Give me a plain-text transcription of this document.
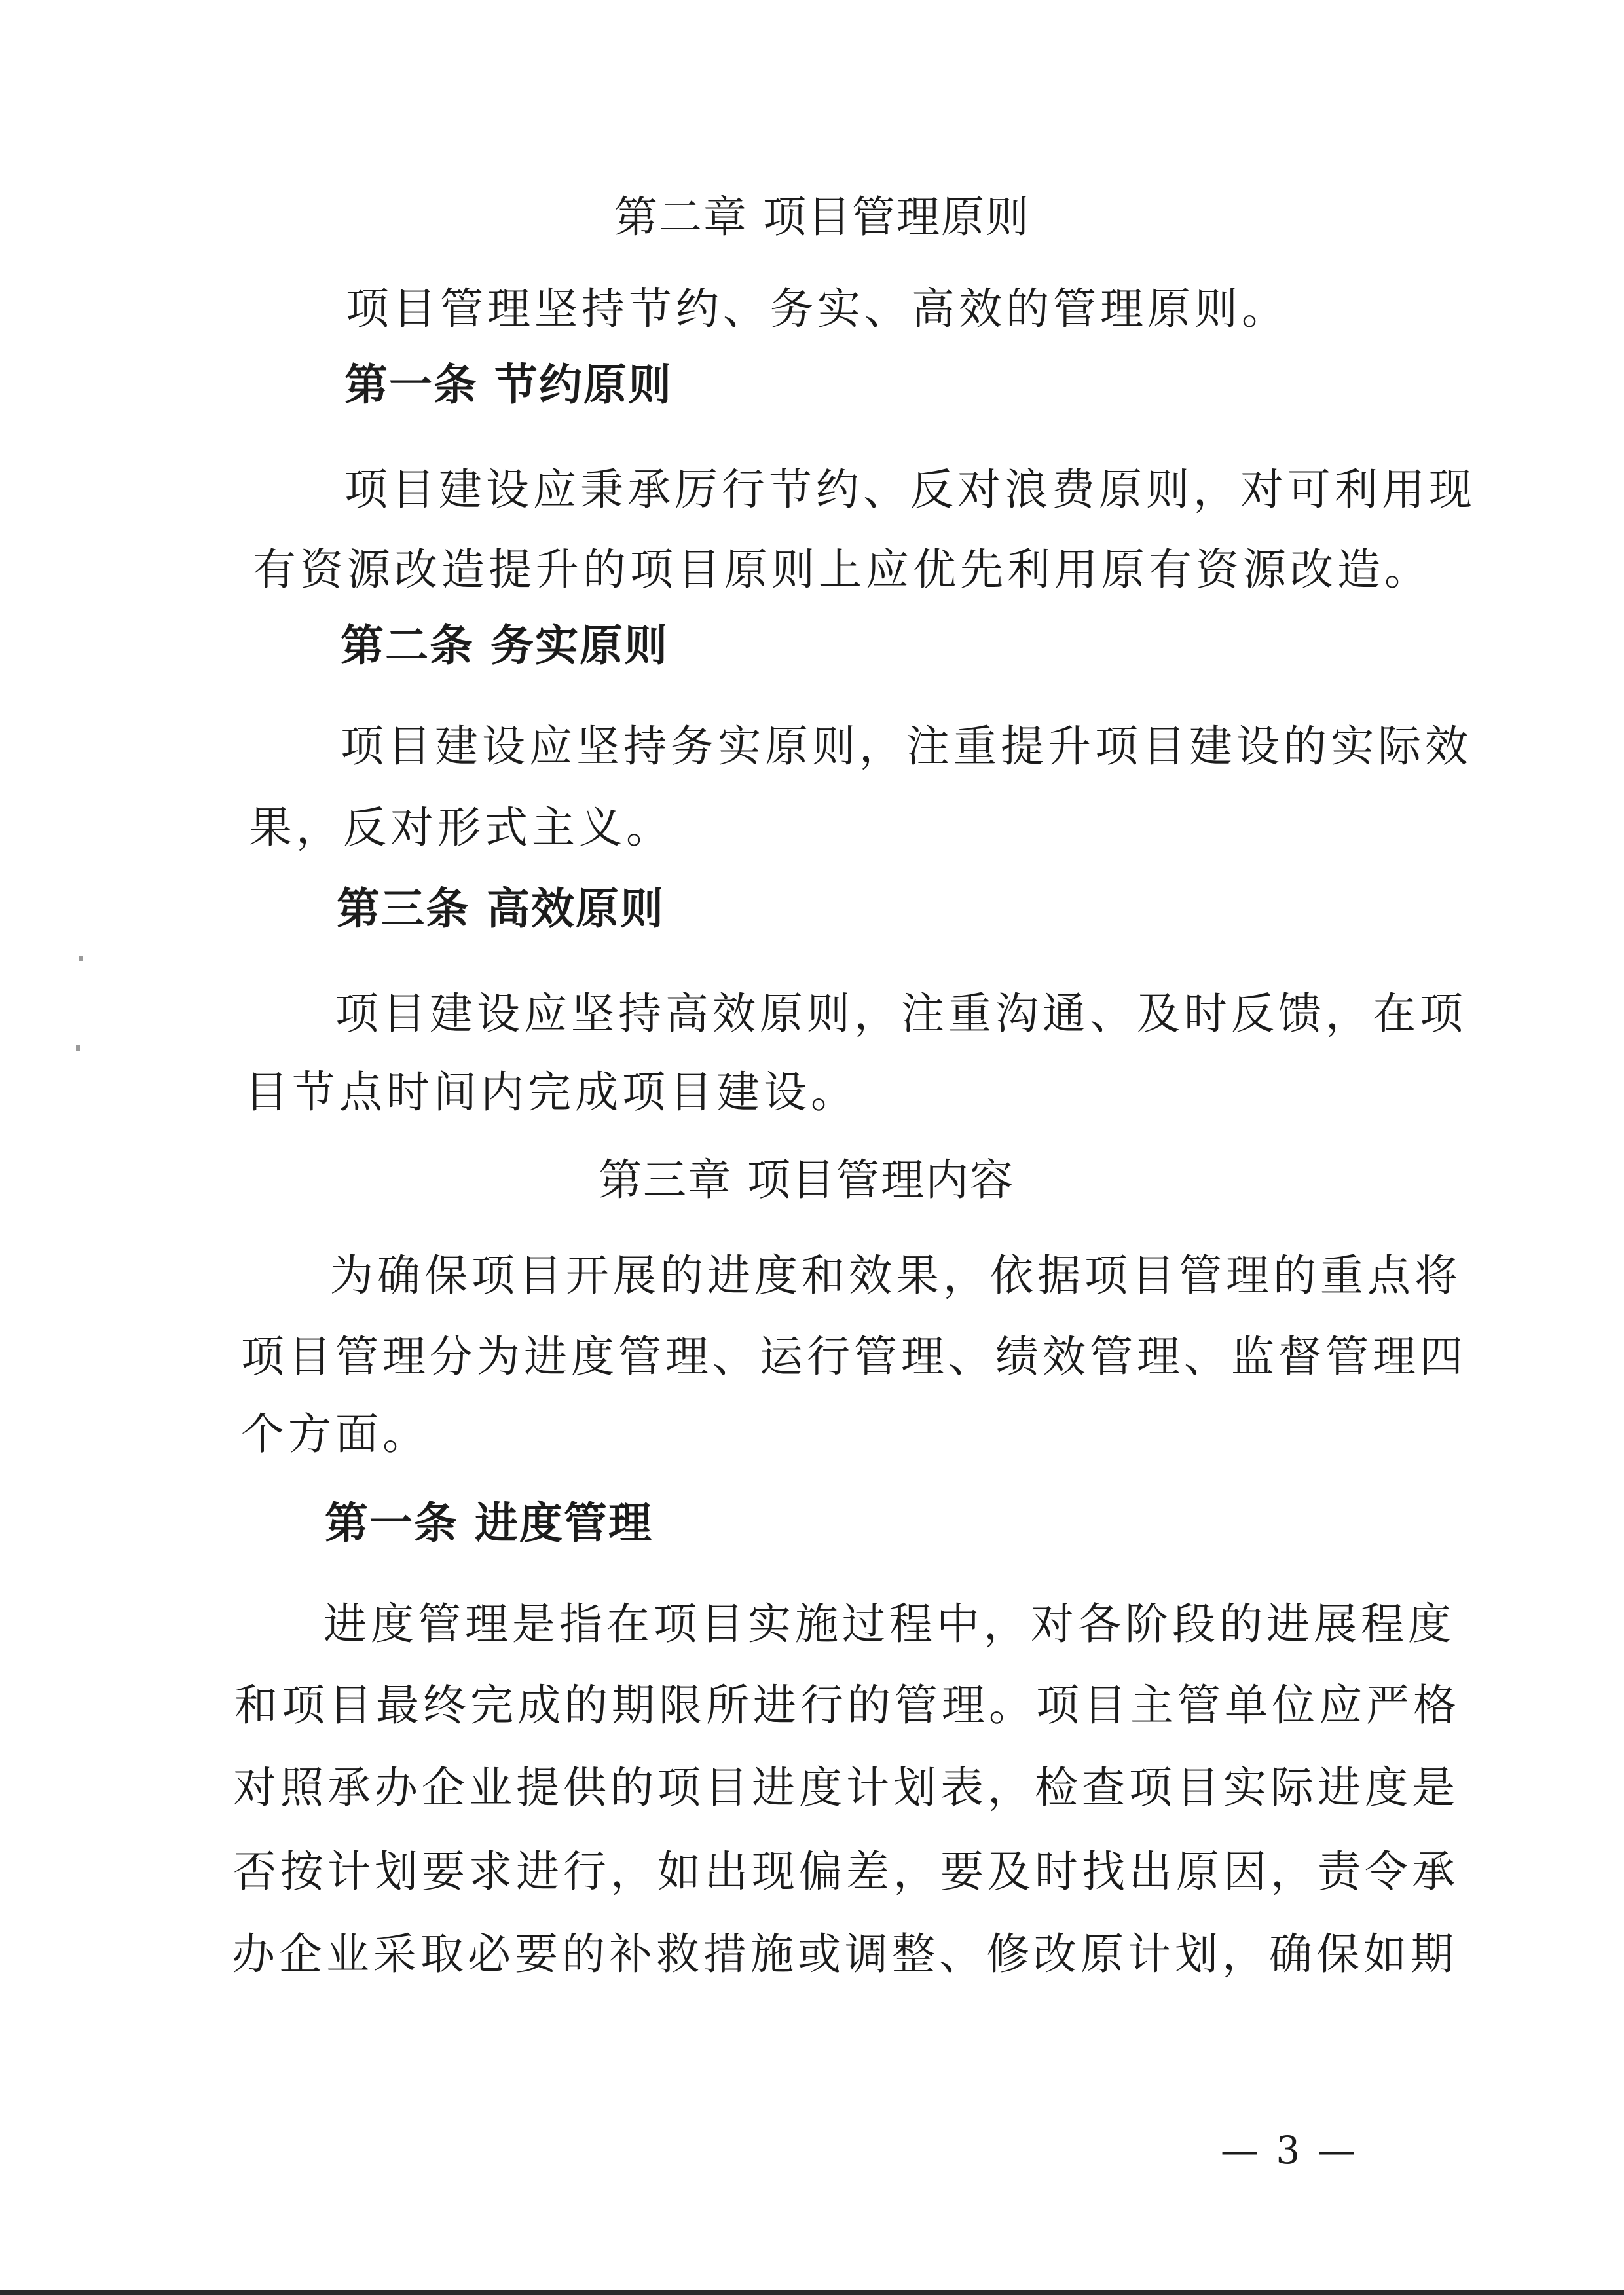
第二章 项目管理原则
项目管理坚持节约、务实、高效的管理原则。
第一条 节约原则
项目建设应秉承厉行节约、反对浪费原则，对可利用现
有资源改造提升的项目原则上应优先利用原有资源改造。
第二条 务实原则
项目建设应坚持务实原则，注重提升项目建设的实际效
果，反对形式主义。
第三条 高效原则
项目建设应坚持高效原则，注重沟通、及时反馈，在项
目节点时间内完成项目建设。
第三章 项目管理内容
为确保项目开展的进度和效果，依据项目管理的重点将
项目管理分为进度管理、运行管理、绩效管理、监督管理四
个方面。
第一条 进度管理
进度管理是指在项目实施过程中，对各阶段的进展程度
和项目最终完成的期限所进行的管理。项目主管单位应严格
对照承办企业提供的项目进度计划表，检查项目实际进度是
否按计划要求进行，如出现偏差，要及时找出原因，责令承
办企业采取必要的补救措施或调整、修改原计划，确保如期
— 3 —
